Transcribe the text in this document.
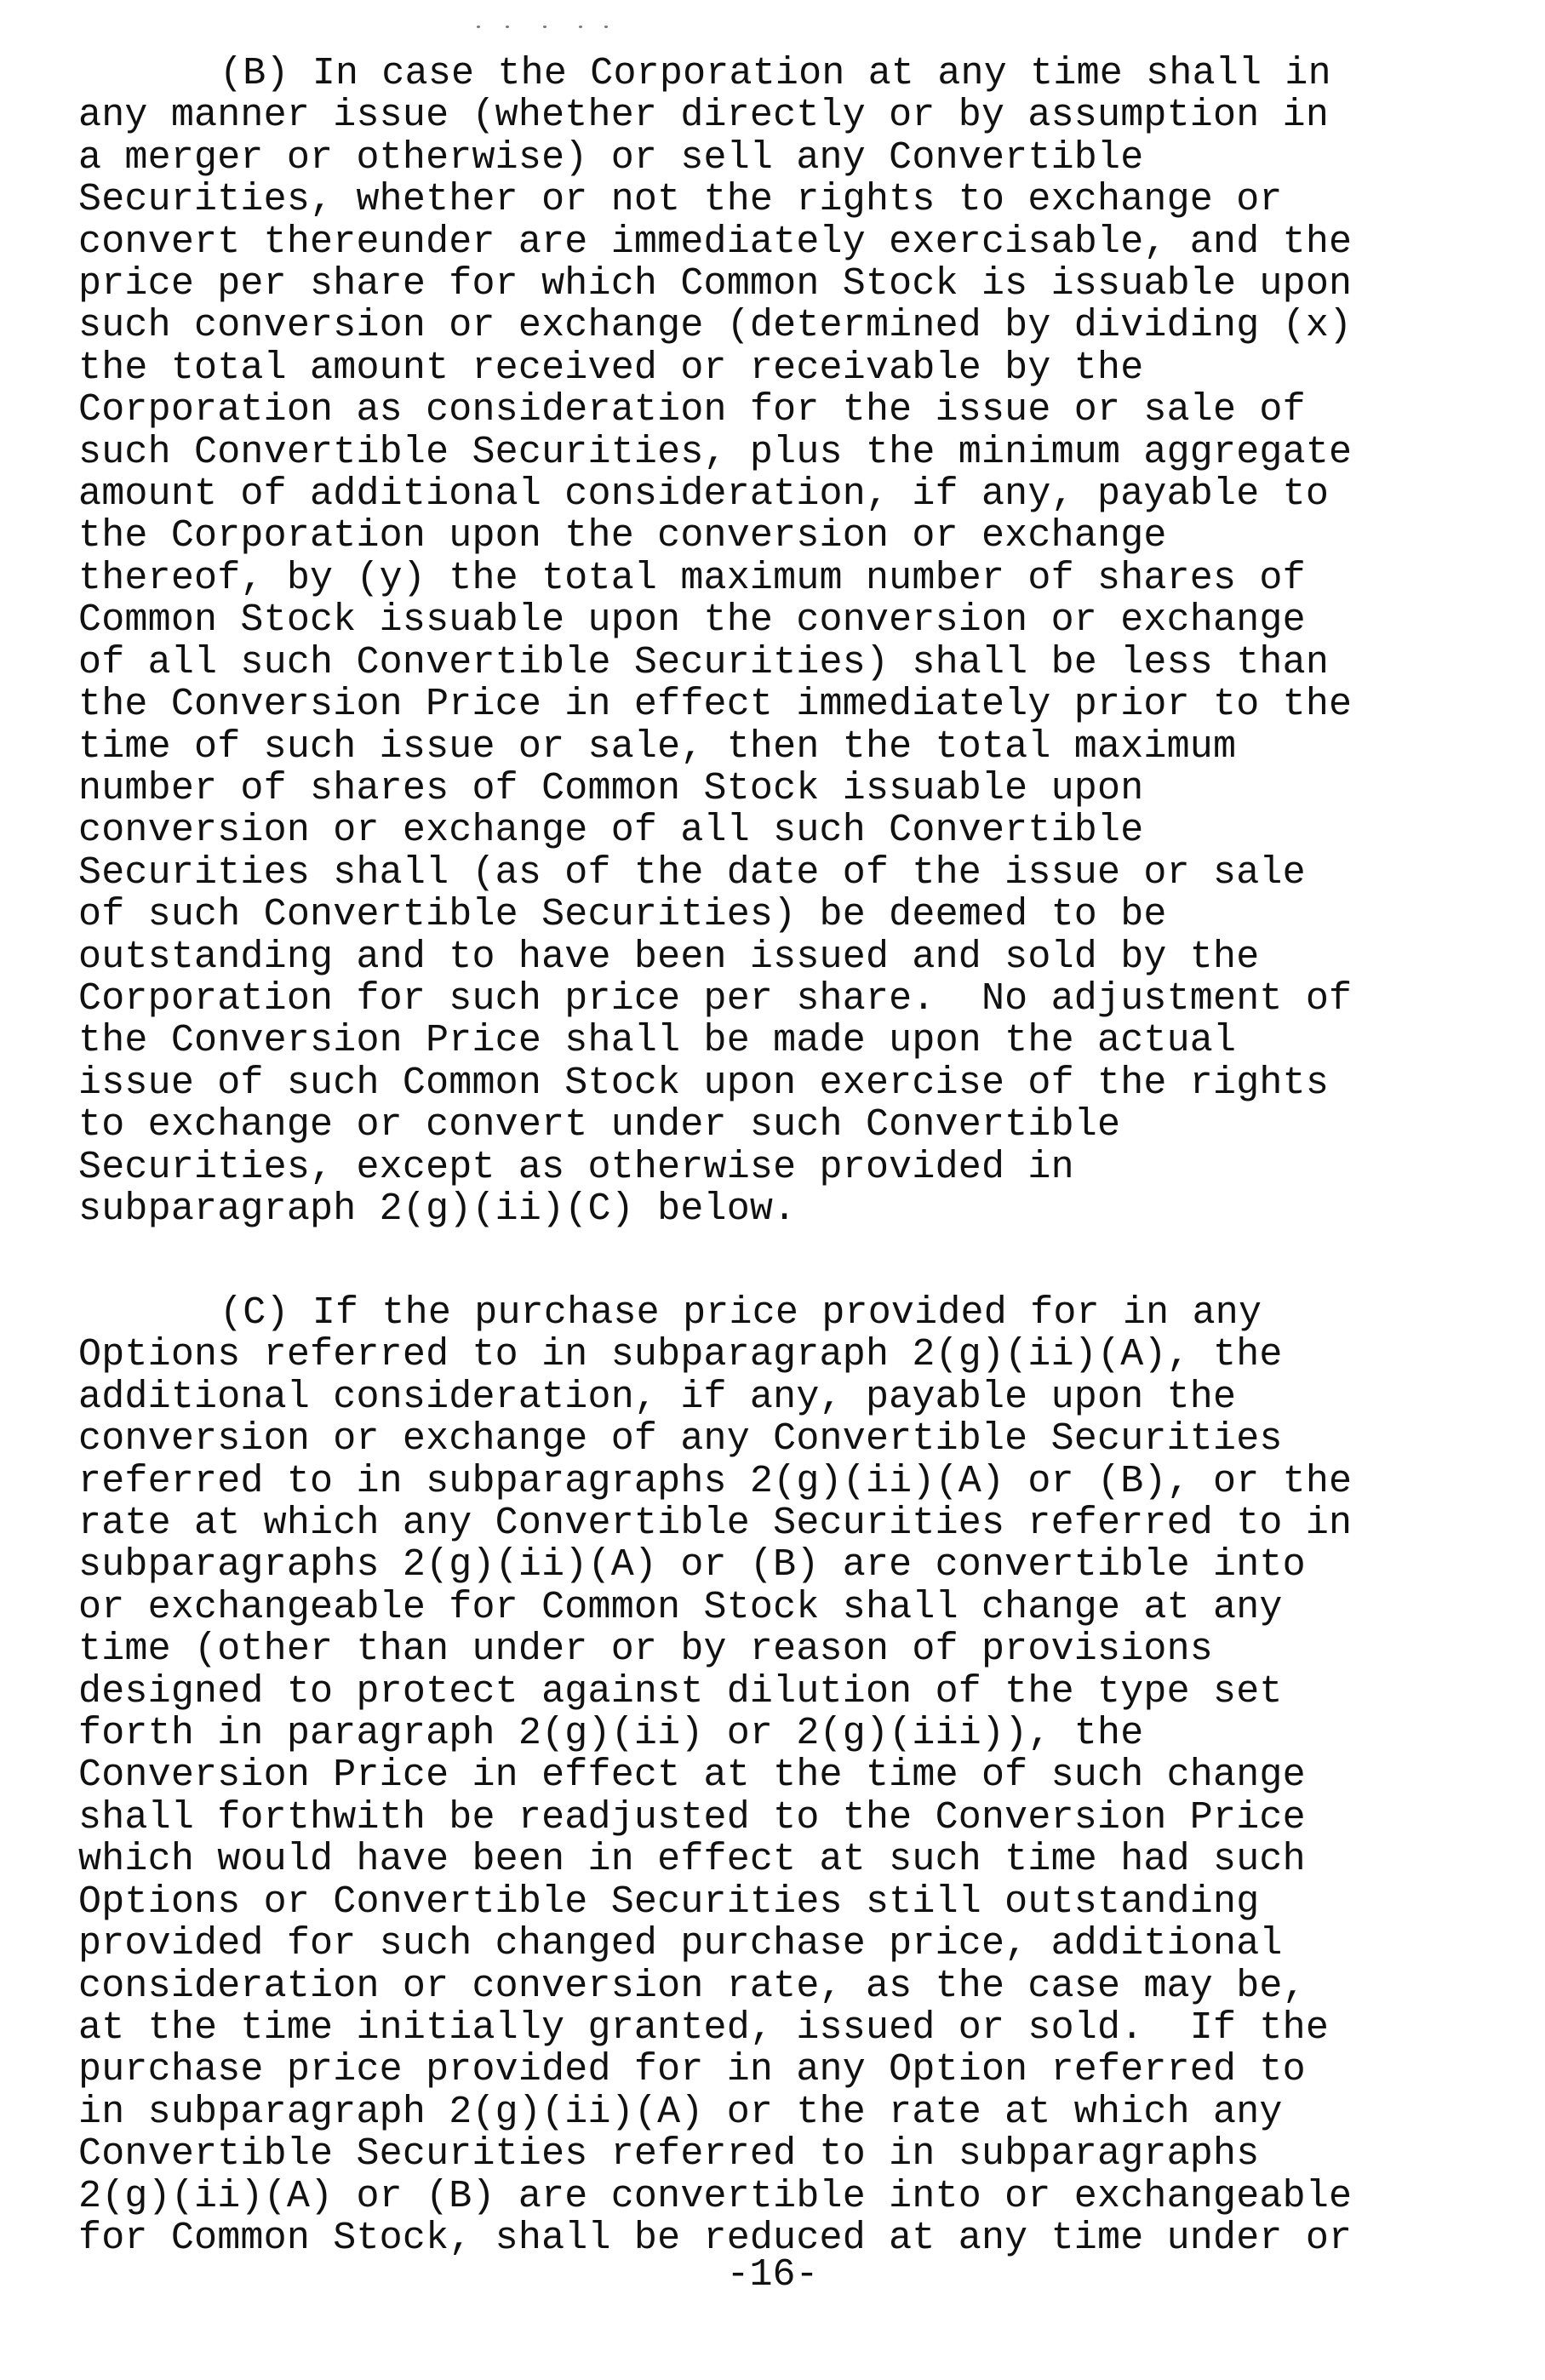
(B) In case the Corporation at any time shall in
any manner issue (whether directly or by assumption in
a merger or otherwise) or sell any Convertible
Securities, whether or not the rights to exchange or
convert thereunder are immediately exercisable, and the
price per share for which Common Stock is issuable upon
such conversion or exchange (determined by dividing (x)
the total amount received or receivable by the
Corporation as consideration for the issue or sale of
such Convertible Securities, plus the minimum aggregate
amount of additional consideration, if any, payable to
the Corporation upon the conversion or exchange
thereof, by (y) the total maximum number of shares of
Common Stock issuable upon the conversion or exchange
of all such Convertible Securities) shall be less than
the Conversion Price in effect immediately prior to the
time of such issue or sale, then the total maximum
number of shares of Common Stock issuable upon
conversion or exchange of all such Convertible
Securities shall (as of the date of the issue or sale
of such Convertible Securities) be deemed to be
outstanding and to have been issued and sold by the
Corporation for such price per share.  No adjustment of
the Conversion Price shall be made upon the actual
issue of such Common Stock upon exercise of the rights
to exchange or convert under such Convertible
Securities, except as otherwise provided in
subparagraph 2(g)(ii)(C) below.
(C) If the purchase price provided for in any
Options referred to in subparagraph 2(g)(ii)(A), the
additional consideration, if any, payable upon the
conversion or exchange of any Convertible Securities
referred to in subparagraphs 2(g)(ii)(A) or (B), or the
rate at which any Convertible Securities referred to in
subparagraphs 2(g)(ii)(A) or (B) are convertible into
or exchangeable for Common Stock shall change at any
time (other than under or by reason of provisions
designed to protect against dilution of the type set
forth in paragraph 2(g)(ii) or 2(g)(iii)), the
Conversion Price in effect at the time of such change
shall forthwith be readjusted to the Conversion Price
which would have been in effect at such time had such
Options or Convertible Securities still outstanding
provided for such changed purchase price, additional
consideration or conversion rate, as the case may be,
at the time initially granted, issued or sold.  If the
purchase price provided for in any Option referred to
in subparagraph 2(g)(ii)(A) or the rate at which any
Convertible Securities referred to in subparagraphs
2(g)(ii)(A) or (B) are convertible into or exchangeable
for Common Stock, shall be reduced at any time under or
-16-
